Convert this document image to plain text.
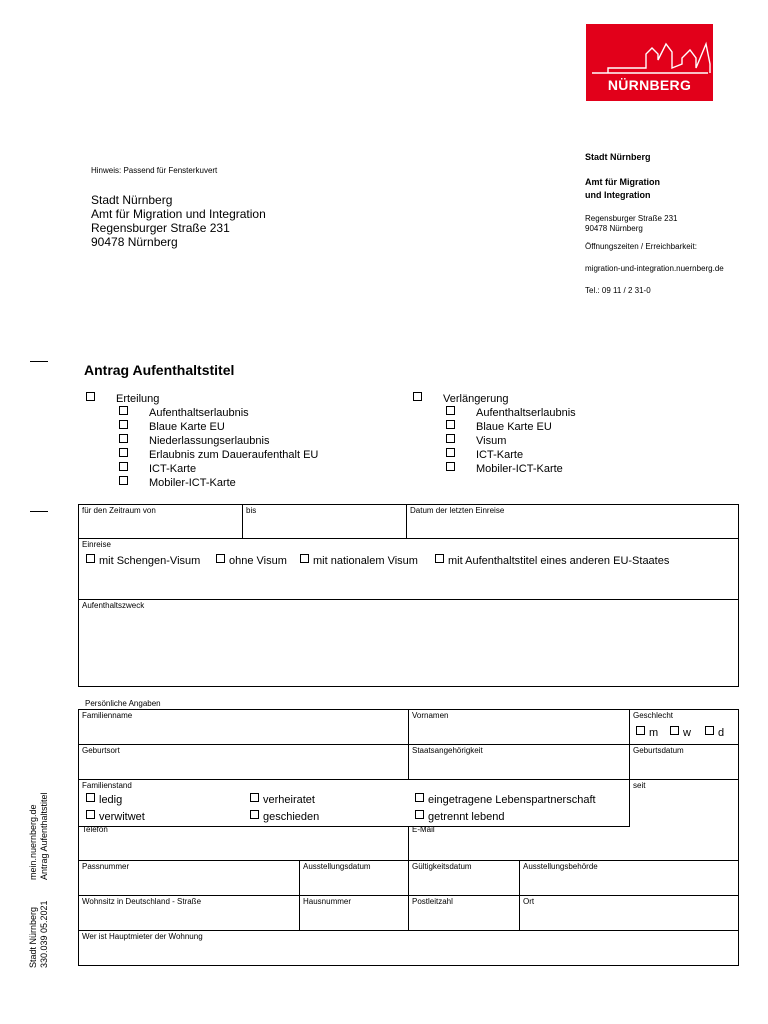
NÜRNBERG
Hinweis: Passend für Fensterkuvert
Stadt Nürnberg
Amt für Migration und Integration
Regensburger Straße 231
90478 Nürnberg
Stadt Nürnberg
Amt für Migration
und Integration
Regensburger Straße 231
90478 Nürnberg
Öffnungszeiten / Erreichbarkeit:
migration-und-integration.nuernberg.de
Tel.: 09 11 / 2 31-0
Antrag Aufenthaltstitel
Erteilung
Aufenthaltserlaubnis
Blaue Karte EU
Niederlassungserlaubnis
Erlaubnis zum Daueraufenthalt EU
ICT-Karte
Mobiler-ICT-Karte
Verlängerung
Aufenthaltserlaubnis
Blaue Karte EU
Visum
ICT-Karte
Mobiler-ICT-Karte
für den Zeitraum von	bis	Datum der letzten Einreise
Einreise
mit Schengen-Visum	ohne Visum	mit nationalem Visum	mit Aufenthaltstitel eines anderen EU-Staates
Aufenthaltszweck
Persönliche Angaben
Familienname	Vornamen	Geschlecht
m	w	d
Geburtsort	Staatsangehörigkeit	Geburtsdatum
Familienstand
ledig	verheiratet	eingetragene Lebenspartnerschaft
verwitwet	geschieden	getrennt lebend
seit
Telefon	E-Mail
Passnummer	Ausstellungsdatum	Gültigkeitsdatum	Ausstellungsbehörde
Wohnsitz in Deutschland - Straße	Hausnummer	Postleitzahl	Ort
Wer ist Hauptmieter der Wohnung
mein.nuernberg.de Antrag Aufenthaltstitel
Stadt Nürnberg 330.039 05.2021
